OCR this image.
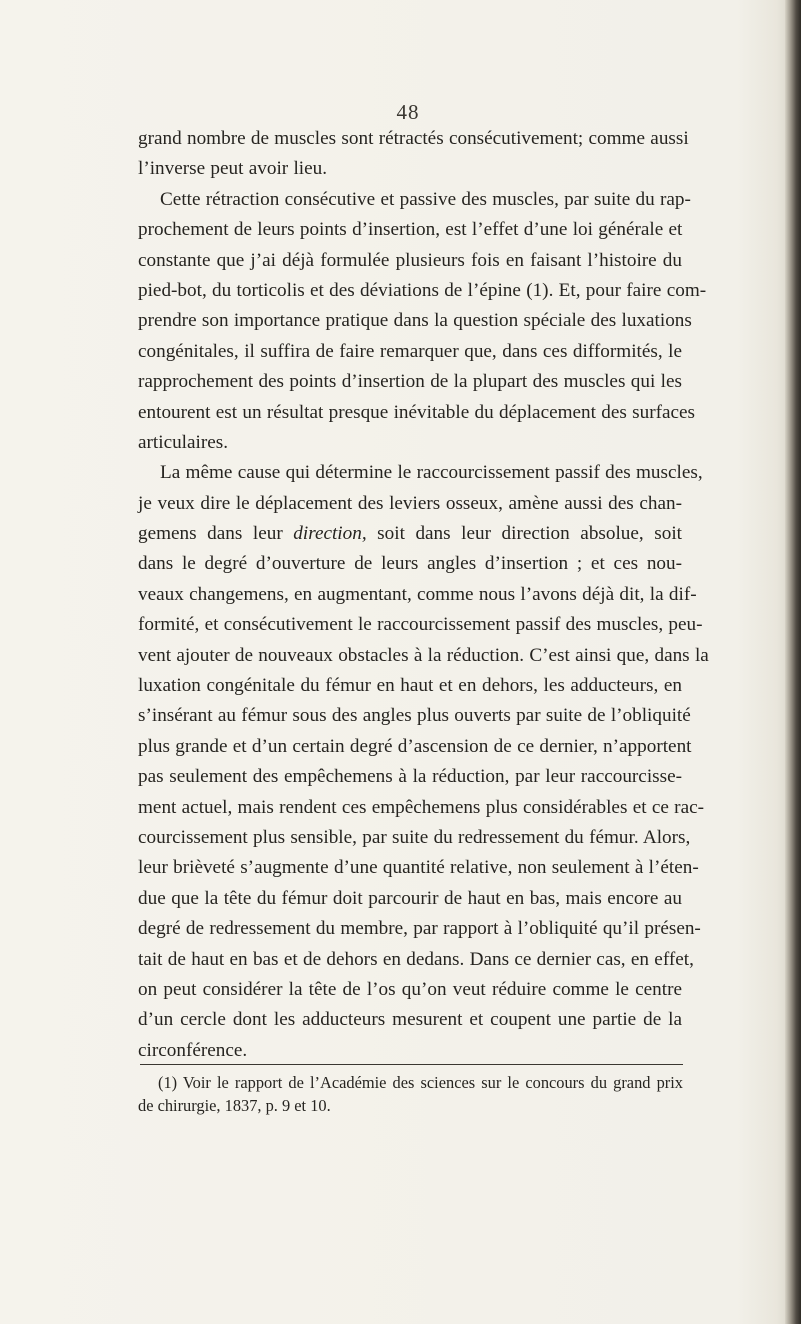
48
grand nombre de muscles sont rétractés consécutivement; comme aussi
l’inverse peut avoir lieu.
Cette rétraction consécutive et passive des muscles, par suite du rap-
prochement de leurs points d’insertion, est l’effet d’une loi générale et
constante que j’ai déjà formulée plusieurs fois en faisant l’histoire du
pied-bot, du torticolis et des déviations de l’épine (1). Et, pour faire com-
prendre son importance pratique dans la question spéciale des luxations
congénitales, il suffira de faire remarquer que, dans ces difformités, le
rapprochement des points d’insertion de la plupart des muscles qui les
entourent est un résultat presque inévitable du déplacement des surfaces
articulaires.
La même cause qui détermine le raccourcissement passif des muscles,
je veux dire le déplacement des leviers osseux, amène aussi des chan-
gemens dans leur direction, soit dans leur direction absolue, soit
dans le degré d’ouverture de leurs angles d’insertion ; et ces nou-
veaux changemens, en augmentant, comme nous l’avons déjà dit, la dif-
formité, et consécutivement le raccourcissement passif des muscles, peu-
vent ajouter de nouveaux obstacles à la réduction. C’est ainsi que, dans la
luxation congénitale du fémur en haut et en dehors, les adducteurs, en
s’insérant au fémur sous des angles plus ouverts par suite de l’obliquité
plus grande et d’un certain degré d’ascension de ce dernier, n’apportent
pas seulement des empêchemens à la réduction, par leur raccourcisse-
ment actuel, mais rendent ces empêchemens plus considérables et ce rac-
courcissement plus sensible, par suite du redressement du fémur. Alors,
leur brièveté s’augmente d’une quantité relative, non seulement à l’éten-
due que la tête du fémur doit parcourir de haut en bas, mais encore au
degré de redressement du membre, par rapport à l’obliquité qu’il présen-
tait de haut en bas et de dehors en dedans. Dans ce dernier cas, en effet,
on peut considérer la tête de l’os qu’on veut réduire comme le centre
d’un cercle dont les adducteurs mesurent et coupent une partie de la
circonférence.
(1) Voir le rapport de l’Académie des sciences sur le concours du grand prix
de chirurgie, 1837, p. 9 et 10.
